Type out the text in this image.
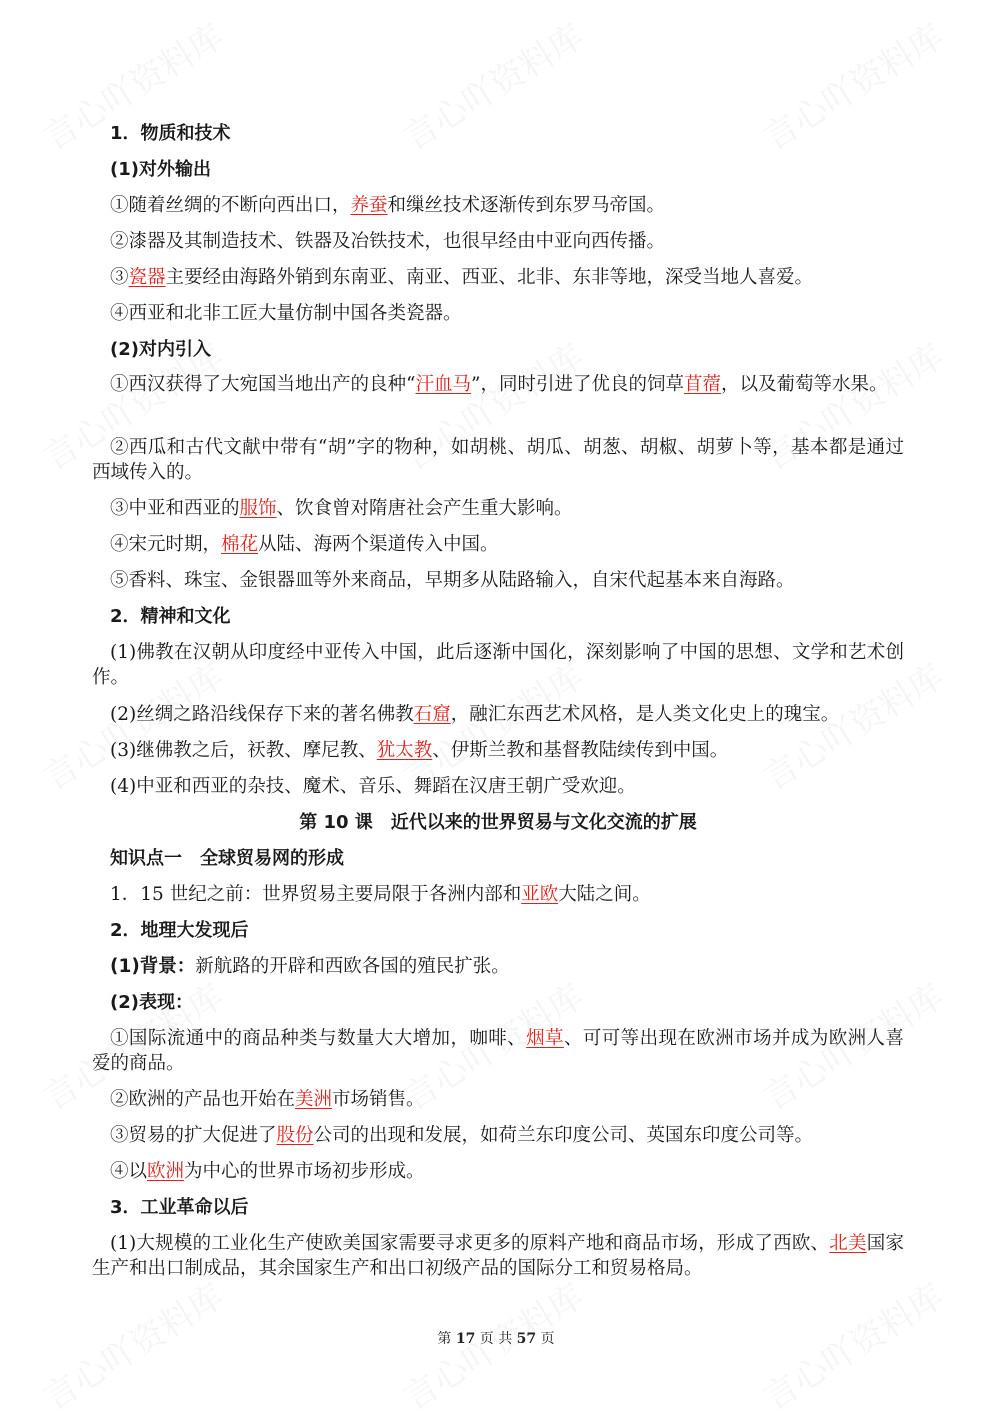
1．物质和技术
(1)对外输出
①随着丝绸的不断向西出口，养蚕和缫丝技术逐渐传到东罗马帝国。
②漆器及其制造技术、铁器及冶铁技术，也很早经由中亚向西传播。
③瓷器主要经由海路外销到东南亚、南亚、西亚、北非、东非等地，深受当地人喜爱。
④西亚和北非工匠大量仿制中国各类瓷器。
(2)对内引入
①西汉获得了大宛国当地出产的良种“汗血马”，同时引进了优良的饲草苜蓿，以及葡萄等水果。
②西瓜和古代文献中带有“胡”字的物种，如胡桃、胡瓜、胡葱、胡椒、胡萝卜等，基本都是通过西域传入的。
③中亚和西亚的服饰、饮食曾对隋唐社会产生重大影响。
④宋元时期，棉花从陆、海两个渠道传入中国。
⑤香料、珠宝、金银器皿等外来商品，早期多从陆路输入，自宋代起基本来自海路。
2．精神和文化
(1)佛教在汉朝从印度经中亚传入中国，此后逐渐中国化，深刻影响了中国的思想、文学和艺术创作。
(2)丝绸之路沿线保存下来的著名佛教石窟，融汇东西艺术风格，是人类文化史上的瑰宝。
(3)继佛教之后，祆教、摩尼教、犹太教、伊斯兰教和基督教陆续传到中国。
(4)中亚和西亚的杂技、魔术、音乐、舞蹈在汉唐王朝广受欢迎。
第 10 课　近代以来的世界贸易与文化交流的扩展
知识点一　全球贸易网的形成
1．15 世纪之前：世界贸易主要局限于各洲内部和亚欧大陆之间。
2．地理大发现后
(1)背景：新航路的开辟和西欧各国的殖民扩张。
(2)表现：
①国际流通中的商品种类与数量大大增加，咖啡、烟草、可可等出现在欧洲市场并成为欧洲人喜爱的商品。
②欧洲的产品也开始在美洲市场销售。
③贸易的扩大促进了股份公司的出现和发展，如荷兰东印度公司、英国东印度公司等。
④以欧洲为中心的世界市场初步形成。
3．工业革命以后
(1)大规模的工业化生产使欧美国家需要寻求更多的原料产地和商品市场，形成了西欧、北美国家生产和出口制成品，其余国家生产和出口初级产品的国际分工和贸易格局。
第 17 页 共 57 页
